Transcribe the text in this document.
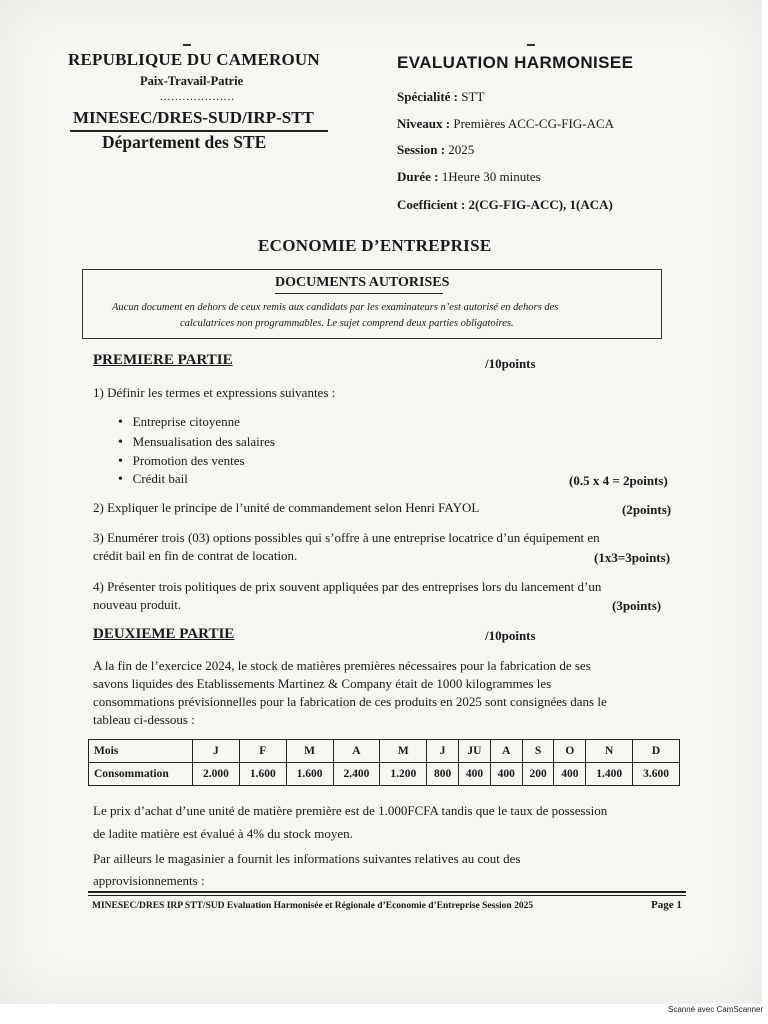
REPUBLIQUE DU CAMEROUN
Paix-Travail-Patrie
....................
MINESEC/DRES-SUD/IRP-STT
Département des STE
EVALUATION HARMONISEE
Spécialité : STT
Niveaux : Premières ACC-CG-FIG-ACA
Session : 2025
Durée : 1Heure 30 minutes
Coefficient : 2(CG-FIG-ACC), 1(ACA)
ECONOMIE D’ENTREPRISE
DOCUMENTS AUTORISES
Aucun document en dehors de ceux remis aux candidats par les examinateurs n’est autorisé en dehors des
calculatrices non programmables. Le sujet comprend deux parties obligatoires.
PREMIERE PARTIE	/10points
1) Définir les termes et expressions suivantes :
• Entreprise citoyenne
• Mensualisation des salaires
• Promotion des ventes
• Crédit bail	(0.5 x 4 = 2points)
2) Expliquer le principe de l’unité de commandement selon Henri FAYOL	(2points)
3) Enumérer trois (03) options possibles qui s’offre à une entreprise locatrice d’un équipement en
crédit bail en fin de contrat de location.	(1x3=3points)
4) Présenter trois politiques de prix souvent appliquées par des entreprises lors du lancement d’un
nouveau produit.	(3points)
DEUXIEME PARTIE	/10points
A la fin de l’exercice 2024, le stock de matières premières nécessaires pour la fabrication de ses
savons liquides des Etablissements Martinez & Company était de 1000 kilogrammes les
consommations prévisionnelles pour la fabrication de ces produits en 2025 sont consignées dans le
tableau ci-dessous :
Mois	J	F	M	A	M	J	JU	A	S	O	N	D
Consommation	2.000	1.600	1.600	2.400	1.200	800	400	400	200	400	1.400	3.600
Le prix d’achat d’une unité de matière première est de 1.000FCFA tandis que le taux de possession
de ladite matière est évalué à 4% du stock moyen.
Par ailleurs le magasinier a fournit les informations suivantes relatives au cout des
approvisionnements :
MINESEC/DRES IRP STT/SUD Evaluation Harmonisée et Régionale d’Economie d’Entreprise Session 2025	Page 1
Scanné avec CamScanner
